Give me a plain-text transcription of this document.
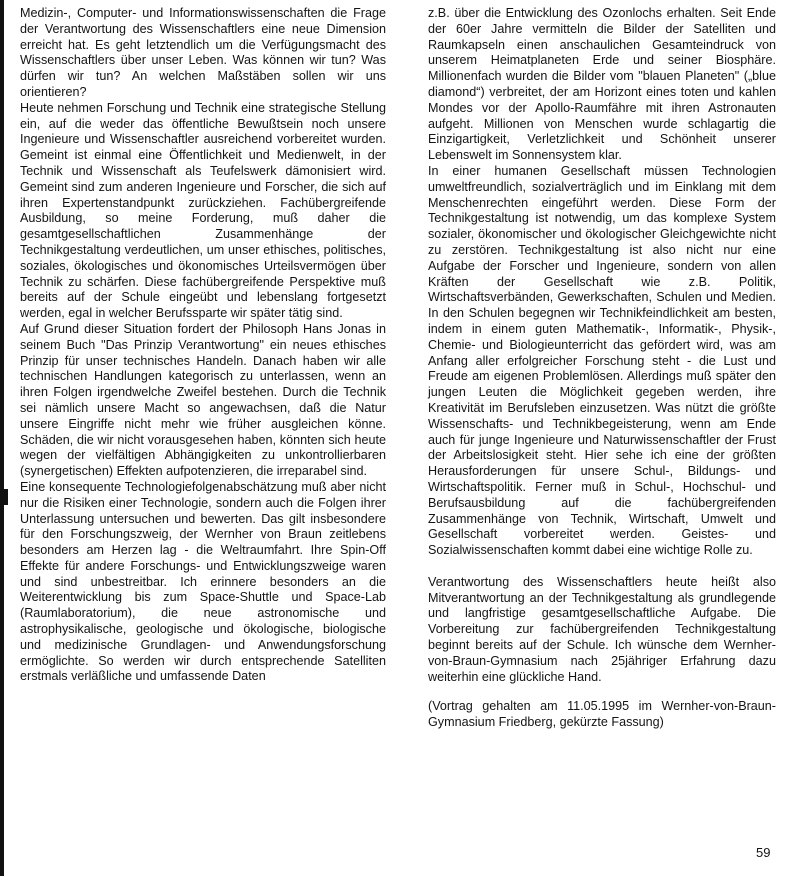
Medizin-, Computer- und Informationswissenschaften die Frage der Verantwortung des Wissenschaftlers eine neue Dimension erreicht hat. Es geht letztendlich um die Verfügungsmacht des Wissenschaftlers über unser Leben. Was können wir tun? Was dürfen wir tun? An welchen Maßstäben sollen wir uns orientieren?

Heute nehmen Forschung und Technik eine strategische Stellung ein, auf die weder das öffentliche Bewußtsein noch unsere Ingenieure und Wissenschaftler ausreichend vorbereitet wurden. Gemeint ist einmal eine Öffentlichkeit und Medienwelt, in der Technik und Wissenschaft als Teufelswerk dämonisiert wird. Gemeint sind zum anderen Ingenieure und Forscher, die sich auf ihren Expertenstandpunkt zurückziehen. Fachübergreifende Ausbildung, so meine Forderung, muß daher die gesamtgesellschaftlichen Zusammenhänge der Technikgestaltung verdeutlichen, um unser ethisches, politisches, soziales, ökologisches und ökonomisches Urteilsvermögen über Technik zu schärfen. Diese fachübergreifende Perspektive muß bereits auf der Schule eingeübt und lebenslang fortgesetzt werden, egal in welcher Berufssparte wir später tätig sind.

Auf Grund dieser Situation fordert der Philosoph Hans Jonas in seinem Buch "Das Prinzip Verantwortung" ein neues ethisches Prinzip für unser technisches Handeln. Danach haben wir alle technischen Handlungen kategorisch zu unterlassen, wenn an ihren Folgen irgendwelche Zweifel bestehen. Durch die Technik sei nämlich unsere Macht so angewachsen, daß die Natur unsere Eingriffe nicht mehr wie früher ausgleichen könne. Schäden, die wir nicht vorausgesehen haben, könnten sich heute wegen der vielfältigen Abhängigkeiten zu unkontrollierbaren (synergetischen) Effekten aufpotenzieren, die irreparabel sind.

Eine konsequente Technologiefolgenabschätzung muß aber nicht nur die Risiken einer Technologie, sondern auch die Folgen ihrer Unterlassung untersuchen und bewerten. Das gilt insbesondere für den Forschungszweig, der Wernher von Braun zeitlebens besonders am Herzen lag - die Weltraumfahrt. Ihre Spin-Off Effekte für andere Forschungs- und Entwicklungszweige waren und sind unbestreitbar. Ich erinnere besonders an die Weiterentwicklung bis zum Space-Shuttle und Space-Lab (Raumlaboratorium), die neue astronomische und astrophysikalische, geologische und ökologische, biologische und medizinische Grundlagen- und Anwendungsforschung ermöglichte. So werden wir durch entsprechende Satelliten erstmals verläßliche und umfassende Daten

z.B. über die Entwicklung des Ozonlochs erhalten. Seit Ende der 60er Jahre vermitteln die Bilder der Satelliten und Raumkapseln einen anschaulichen Gesamteindruck von unserem Heimatplaneten Erde und seiner Biosphäre. Millionenfach wurden die Bilder vom "blauen Planeten" („blue diamond“) verbreitet, der am Horizont eines toten und kahlen Mondes vor der Apollo-Raumfähre mit ihren Astronauten aufgeht. Millionen von Menschen wurde schlagartig die Einzigartigkeit, Verletzlichkeit und Schönheit unserer Lebenswelt im Sonnensystem klar.

In einer humanen Gesellschaft müssen Technologien umweltfreundlich, sozialverträglich und im Einklang mit dem Menschenrechten eingeführt werden. Diese Form der Technikgestaltung ist notwendig, um das komplexe System sozialer, ökonomischer und ökologischer Gleichgewichte nicht zu zerstören. Technikgestaltung ist also nicht nur eine Aufgabe der Forscher und Ingenieure, sondern von allen Kräften der Gesellschaft wie z.B. Politik, Wirtschaftsverbänden, Gewerkschaften, Schulen und Medien. In den Schulen begegnen wir Technikfeindlichkeit am besten, indem in einem guten Mathematik-, Informatik-, Physik-, Chemie- und Biologieunterricht das gefördert wird, was am Anfang aller erfolgreicher Forschung steht - die Lust und Freude am eigenen Problemlösen. Allerdings muß später den jungen Leuten die Möglichkeit gegeben werden, ihre Kreativität im Berufsleben einzusetzen. Was nützt die größte Wissenschafts- und Technikbegeisterung, wenn am Ende auch für junge Ingenieure und Naturwissenschaftler der Frust der Arbeitslosigkeit steht. Hier sehe ich eine der größten Herausforderungen für unsere Schul-, Bildungs- und Wirtschaftspolitik. Ferner muß in Schul-, Hochschul- und Berufsausbildung auf die fachübergreifenden Zusammenhänge von Technik, Wirtschaft, Umwelt und Gesellschaft vorbereitet werden. Geistes- und Sozialwissenschaften kommt dabei eine wichtige Rolle zu.

Verantwortung des Wissenschaftlers heute heißt also Mitverantwortung an der Technikgestaltung als grundlegende und langfristige gesamtgesellschaftliche Aufgabe. Die Vorbereitung zur fachübergreifenden Technikgestaltung beginnt bereits auf der Schule. Ich wünsche dem Wernher-von-Braun-Gymnasium nach 25jähriger Erfahrung dazu weiterhin eine glückliche Hand.

(Vortrag gehalten am 11.05.1995 im Wernher-von-Braun-Gymnasium Friedberg, gekürzte Fassung)

59
